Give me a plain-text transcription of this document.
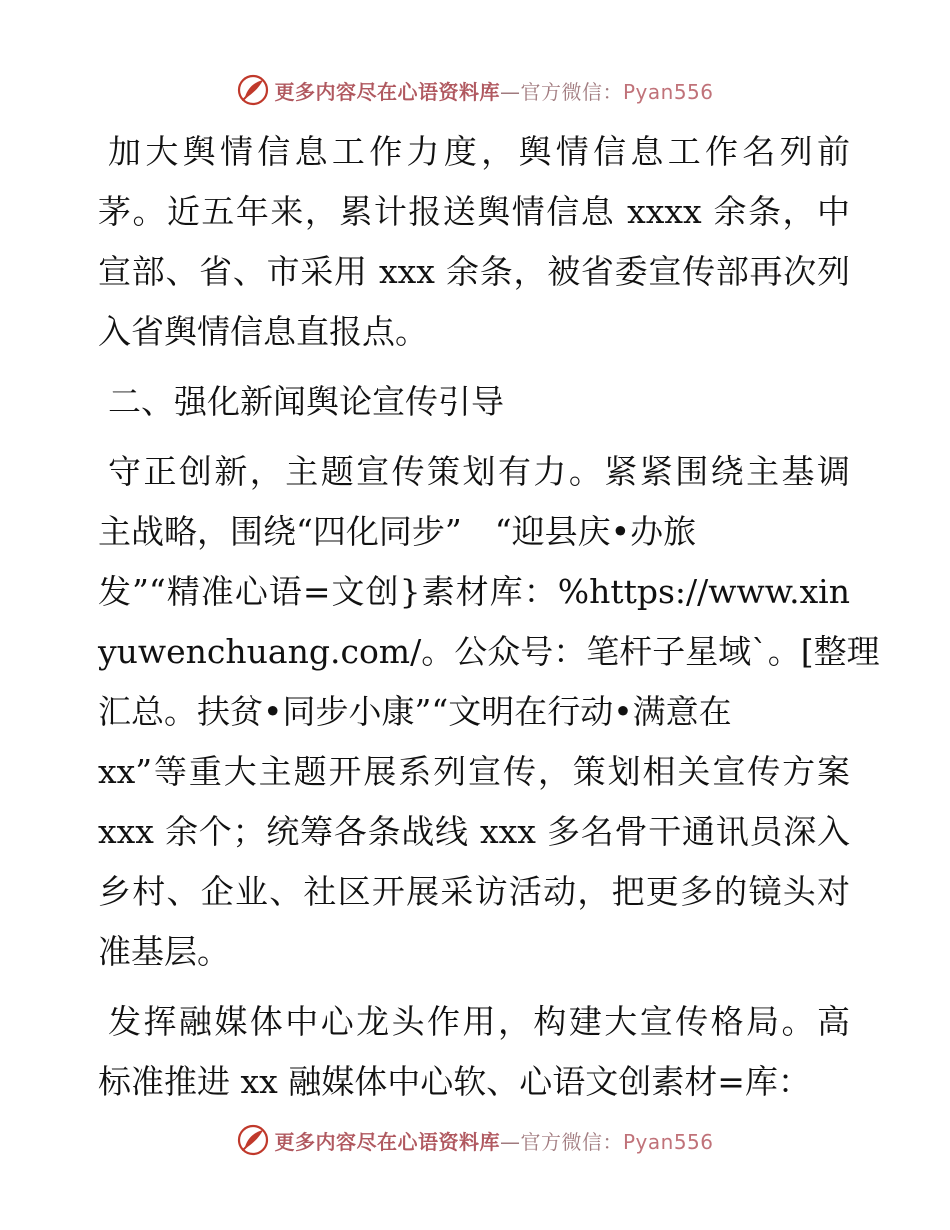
更多内容尽在心语资料库—官方微信：Pyan556
加大舆情信息工作力度，舆情信息工作名列前
茅。近五年来，累计报送舆情信息 xxxx 余条，中
宣部、省、市采用 xxx 余条，被省委宣传部再次列
入省舆情信息直报点。
二、强化新闻舆论宣传引导
守正创新，主题宣传策划有力。紧紧围绕主基调
主战略，围绕“四化同步”　“迎县庆•办旅
发”“精准心语=文创}素材库：%https://www.xin
yuwenchuang.com/。公众号：笔杆子星域`。[整理
汇总。扶贫•同步小康”“文明在行动•满意在
xx”等重大主题开展系列宣传，策划相关宣传方案
xxx 余个；统筹各条战线 xxx 多名骨干通讯员深入
乡村、企业、社区开展采访活动，把更多的镜头对
准基层。
发挥融媒体中心龙头作用，构建大宣传格局。高
标准推进 xx 融媒体中心软、心语文创素材=库：
更多内容尽在心语资料库—官方微信：Pyan556
